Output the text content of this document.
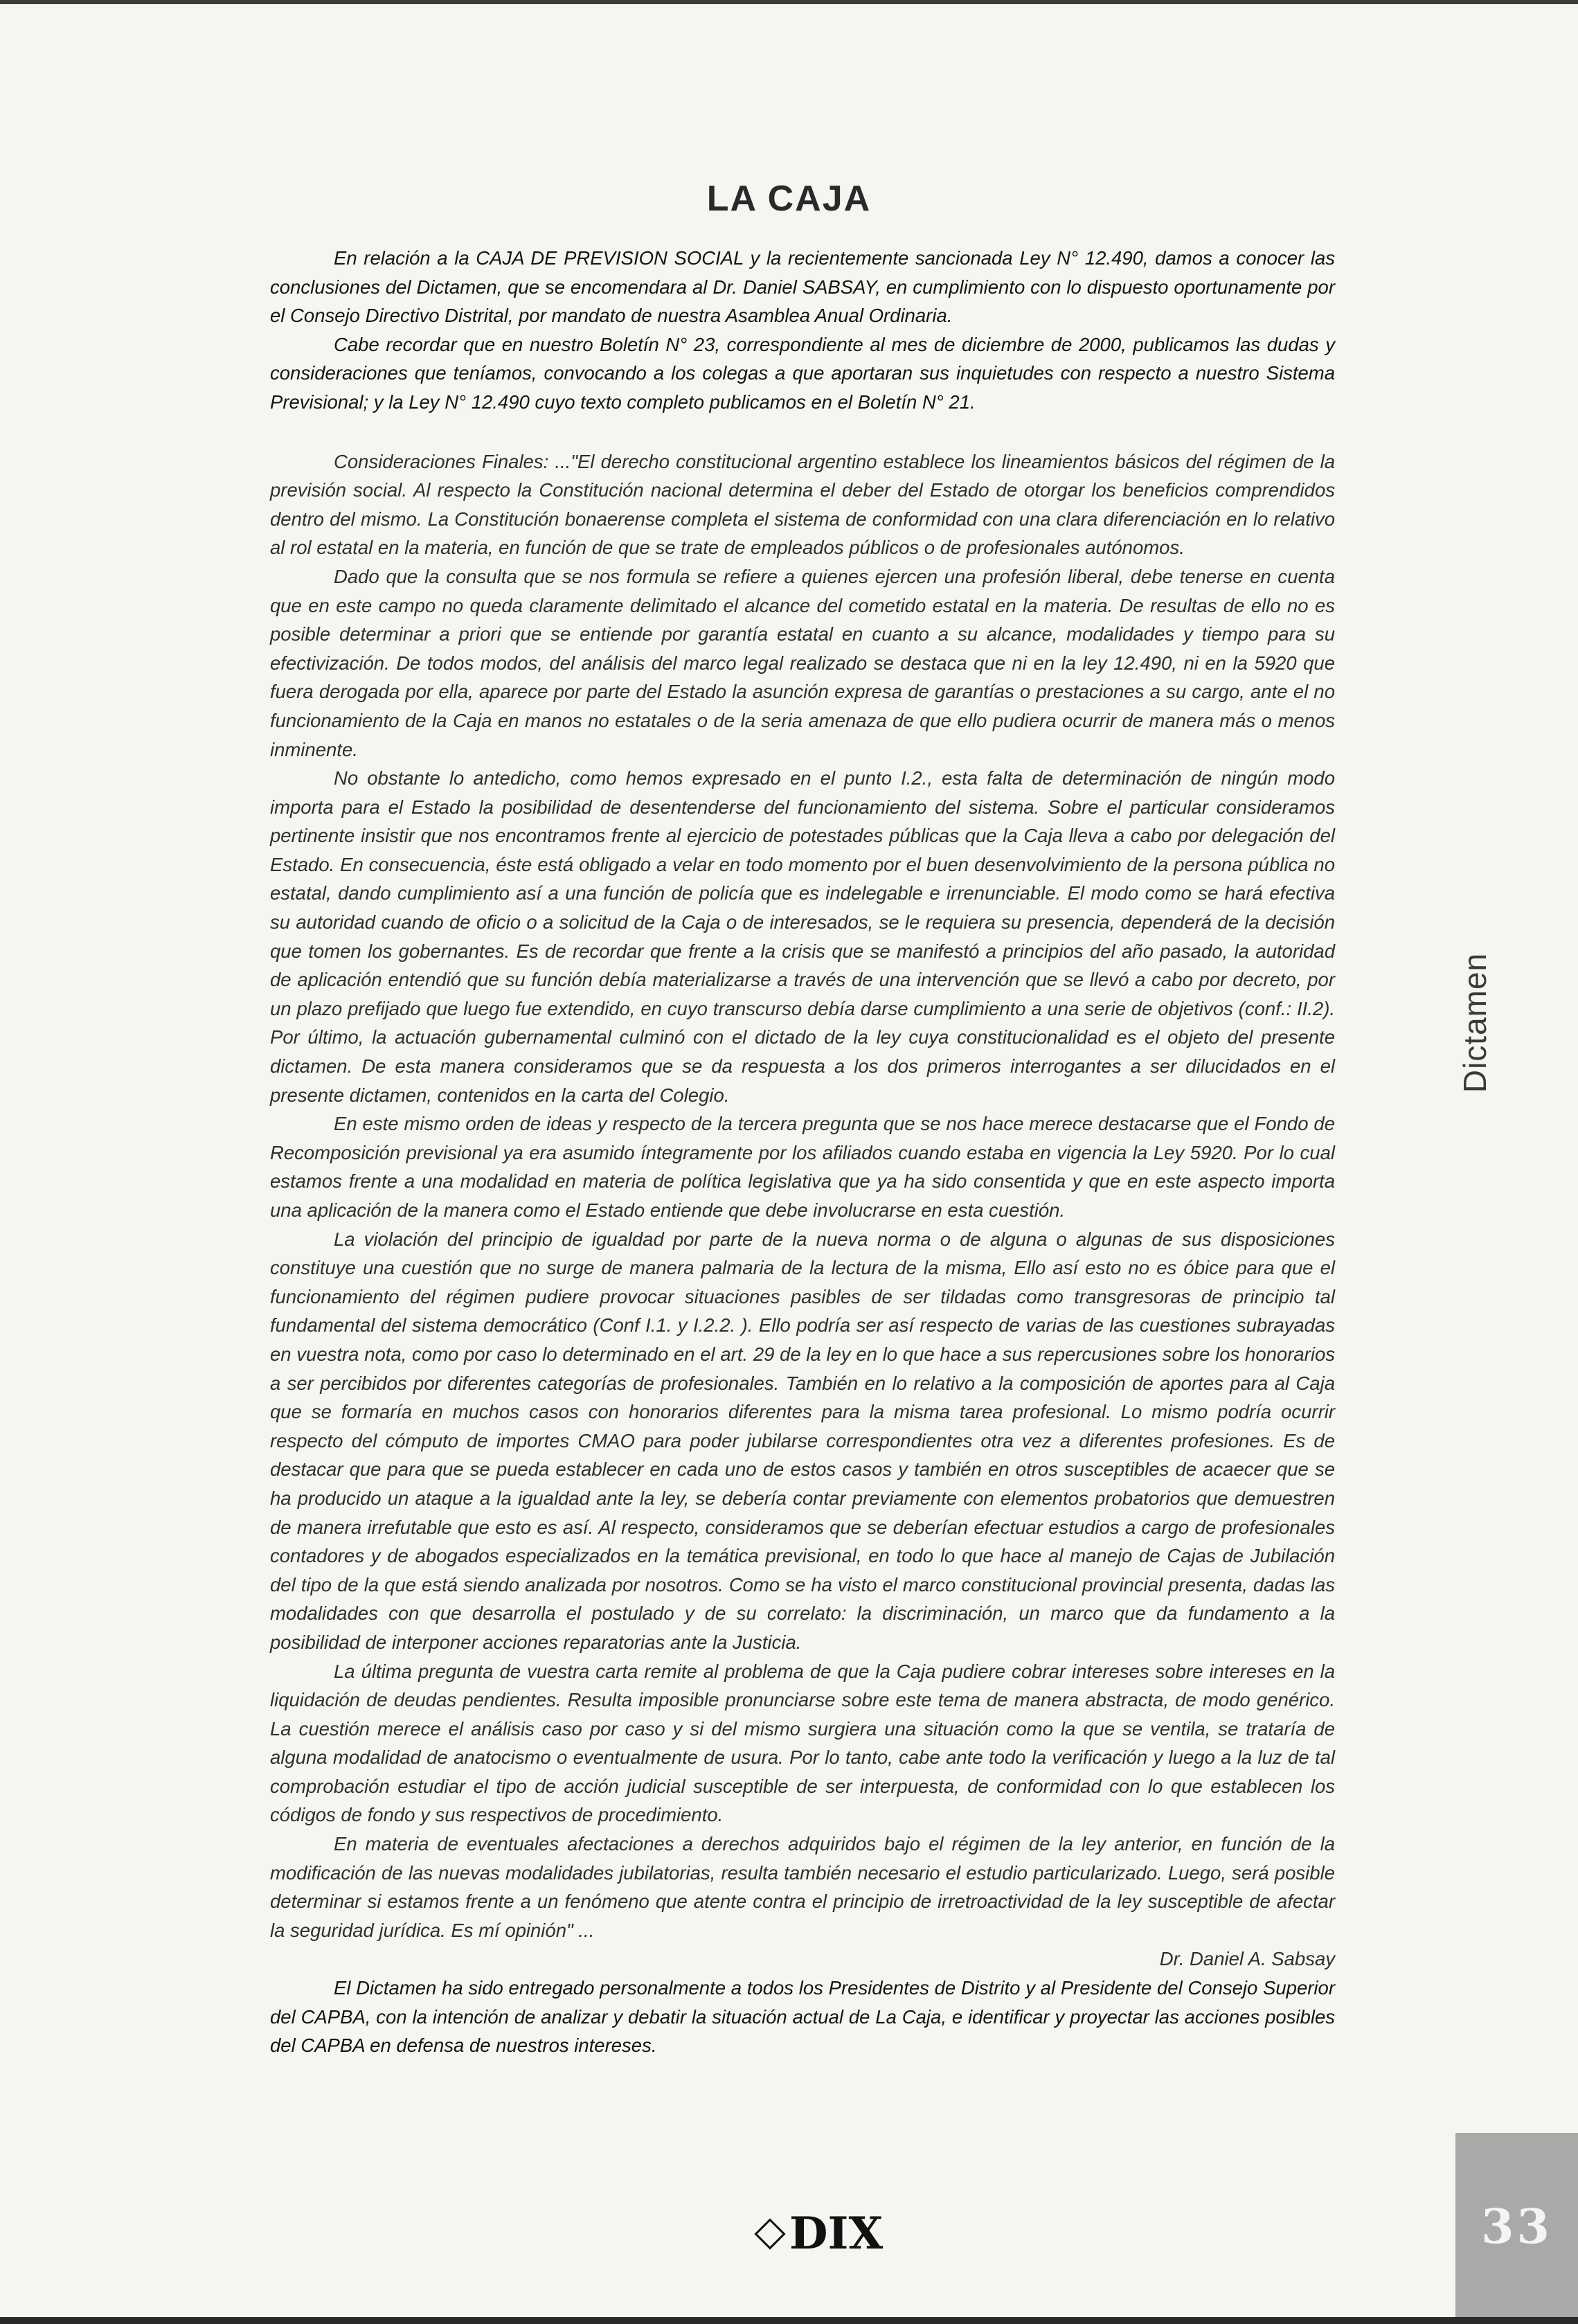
LA CAJA

En relación a la CAJA DE PREVISION SOCIAL y la recientemente sancionada Ley N° 12.490, damos a conocer las conclusiones del Dictamen, que se encomendara al Dr. Daniel SABSAY, en cumplimiento con lo dispuesto oportunamente por el Consejo Directivo Distrital, por mandato de nuestra Asamblea Anual Ordinaria.

Cabe recordar que en nuestro Boletín N° 23, correspondiente al mes de diciembre de 2000, publicamos las dudas y consideraciones que teníamos, convocando a los colegas a que aportaran sus inquietudes con respecto a nuestro Sistema Previsional; y la Ley N° 12.490 cuyo texto completo publicamos en el Boletín N° 21.

Consideraciones Finales: ..."El derecho constitucional argentino establece los lineamientos básicos del régimen de la previsión social. Al respecto la Constitución nacional determina el deber del Estado de otorgar los beneficios comprendidos dentro del mismo. La Constitución bonaerense completa el sistema de conformidad con una clara diferenciación en lo relativo al rol estatal en la materia, en función de que se trate de empleados públicos o de profesionales autónomos.

Dado que la consulta que se nos formula se refiere a quienes ejercen una profesión liberal, debe tenerse en cuenta que en este campo no queda claramente delimitado el alcance del cometido estatal en la materia. De resultas de ello no es posible determinar a priori que se entiende por garantía estatal en cuanto a su alcance, modalidades y tiempo para su efectivización. De todos modos, del análisis del marco legal realizado se destaca que ni en la ley 12.490, ni en la 5920 que fuera derogada por ella, aparece por parte del Estado la asunción expresa de garantías o prestaciones a su cargo, ante el no funcionamiento de la Caja en manos no estatales o de la seria amenaza de que ello pudiera ocurrir de manera más o menos inminente.

No obstante lo antedicho, como hemos expresado en el punto I.2., esta falta de determinación de ningún modo importa para el Estado la posibilidad de desentenderse del funcionamiento del sistema. Sobre el particular consideramos pertinente insistir que nos encontramos frente al ejercicio de potestades públicas que la Caja lleva a cabo por delegación del Estado. En consecuencia, éste está obligado a velar en todo momento por el buen desenvolvimiento de la persona pública no estatal, dando cumplimiento así a una función de policía que es indelegable e irrenunciable. El modo como se hará efectiva su autoridad cuando de oficio o a solicitud de la Caja o de interesados, se le requiera su presencia, dependerá de la decisión que tomen los gobernantes. Es de recordar que frente a la crisis que se manifestó a principios del año pasado, la autoridad de aplicación entendió que su función debía materializarse a través de una intervención que se llevó a cabo por decreto, por un plazo prefijado que luego fue extendido, en cuyo transcurso debía darse cumplimiento a una serie de objetivos (conf.: II.2). Por último, la actuación gubernamental culminó con el dictado de la ley cuya constitucionalidad es el objeto del presente dictamen. De esta manera consideramos que se da respuesta a los dos primeros interrogantes a ser dilucidados en el presente dictamen, contenidos en la carta del Colegio.

En este mismo orden de ideas y respecto de la tercera pregunta que se nos hace merece destacarse que el Fondo de Recomposición previsional ya era asumido íntegramente por los afiliados cuando estaba en vigencia la Ley 5920. Por lo cual estamos frente a una modalidad en materia de política legislativa que ya ha sido consentida y que en este aspecto importa una aplicación de la manera como el Estado entiende que debe involucrarse en esta cuestión.

La violación del principio de igualdad por parte de la nueva norma o de alguna o algunas de sus disposiciones constituye una cuestión que no surge de manera palmaria de la lectura de la misma, Ello así esto no es óbice para que el funcionamiento del régimen pudiere provocar situaciones pasibles de ser tildadas como transgresoras de principio tal fundamental del sistema democrático (Conf I.1. y I.2.2. ). Ello podría ser así respecto de varias de las cuestiones subrayadas en vuestra nota, como por caso lo determinado en el art. 29 de la ley en lo que hace a sus repercusiones sobre los honorarios a ser percibidos por diferentes categorías de profesionales. También en lo relativo a la composición de aportes para al Caja que se formaría en muchos casos con honorarios diferentes para la misma tarea profesional. Lo mismo podría ocurrir respecto del cómputo de importes CMAO para poder jubilarse correspondientes otra vez a diferentes profesiones. Es de destacar que para que se pueda establecer en cada uno de estos casos y también en otros susceptibles de acaecer que se ha producido un ataque a la igualdad ante la ley, se debería contar previamente con elementos probatorios que demuestren de manera irrefutable que esto es así. Al respecto, consideramos que se deberían efectuar estudios a cargo de profesionales contadores y de abogados especializados en la temática previsional, en todo lo que hace al manejo de Cajas de Jubilación del tipo de la que está siendo analizada por nosotros. Como se ha visto el marco constitucional provincial presenta, dadas las modalidades con que desarrolla el postulado y de su correlato: la discriminación, un marco que da fundamento a la posibilidad de interponer acciones reparatorias ante la Justicia.

La última pregunta de vuestra carta remite al problema de que la Caja pudiere cobrar intereses sobre intereses en la liquidación de deudas pendientes. Resulta imposible pronunciarse sobre este tema de manera abstracta, de modo genérico. La cuestión merece el análisis caso por caso y si del mismo surgiera una situación como la que se ventila, se trataría de alguna modalidad de anatocismo o eventualmente de usura. Por lo tanto, cabe ante todo la verificación y luego a la luz de tal comprobación estudiar el tipo de acción judicial susceptible de ser interpuesta, de conformidad con lo que establecen los códigos de fondo y sus respectivos de procedimiento.

En materia de eventuales afectaciones a derechos adquiridos bajo el régimen de la ley anterior, en función de la modificación de las nuevas modalidades jubilatorias, resulta también necesario el estudio particularizado. Luego, será posible determinar si estamos frente a un fenómeno que atente contra el principio de irretroactividad de la ley susceptible de afectar la seguridad jurídica. Es mí opinión" ...

Dr. Daniel A. Sabsay

El Dictamen ha sido entregado personalmente a todos los Presidentes de Distrito y al Presidente del Consejo Superior del CAPBA, con la intención de analizar y debatir la situación actual de La Caja, e identificar y proyectar las acciones posibles del CAPBA en defensa de nuestros intereses.

Dictamen
DIX	33
